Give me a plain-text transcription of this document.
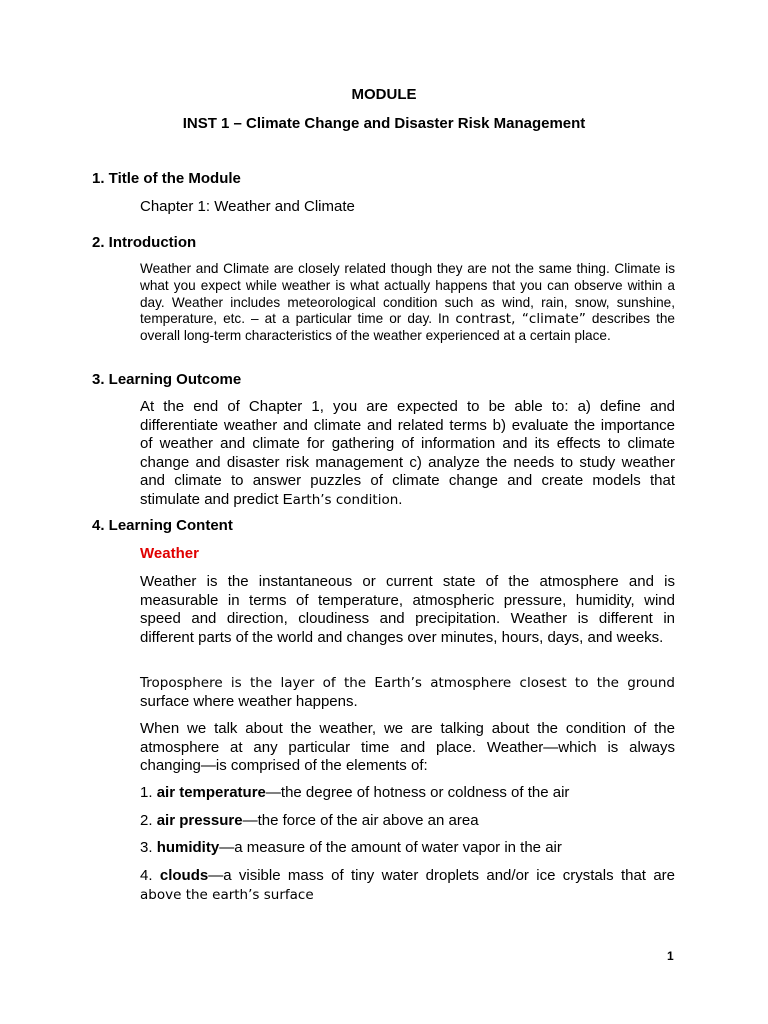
MODULE
INST 1 – Climate Change and Disaster Risk Management
1. Title of the Module
Chapter 1: Weather and Climate
2. Introduction
Weather and Climate are closely related though they are not the same thing. Climate is what you expect while weather is what actually happens that you can observe within a day. Weather includes meteorological condition such as wind, rain, snow, sunshine, temperature, etc. – at a particular time or day. In contrast, “climate” describes the overall long-term characteristics of the weather experienced at a certain place.
3. Learning Outcome
At the end of Chapter 1, you are expected to be able to: a) define and differentiate weather and climate and related terms b) evaluate the importance of weather and climate for gathering of information and its effects to climate change and disaster risk management c) analyze the needs to study weather and climate to answer puzzles of climate change and create models that stimulate and predict Earth’s condition.
4. Learning Content
Weather
Weather is the instantaneous or current state of the atmosphere and is measurable in terms of temperature, atmospheric pressure, humidity, wind speed and direction, cloudiness and precipitation. Weather is different in different parts of the world and changes over minutes, hours, days, and weeks.
Troposphere is the layer of the Earth’s atmosphere closest to the ground surface where weather happens.
When we talk about the weather, we are talking about the condition of the atmosphere at any particular time and place. Weather—which is always changing—is comprised of the elements of:
1. air temperature—the degree of hotness or coldness of the air
2. air pressure—the force of the air above an area
3. humidity—a measure of the amount of water vapor in the air
4. clouds—a visible mass of tiny water droplets and/or ice crystals that are above the earth’s surface
1
